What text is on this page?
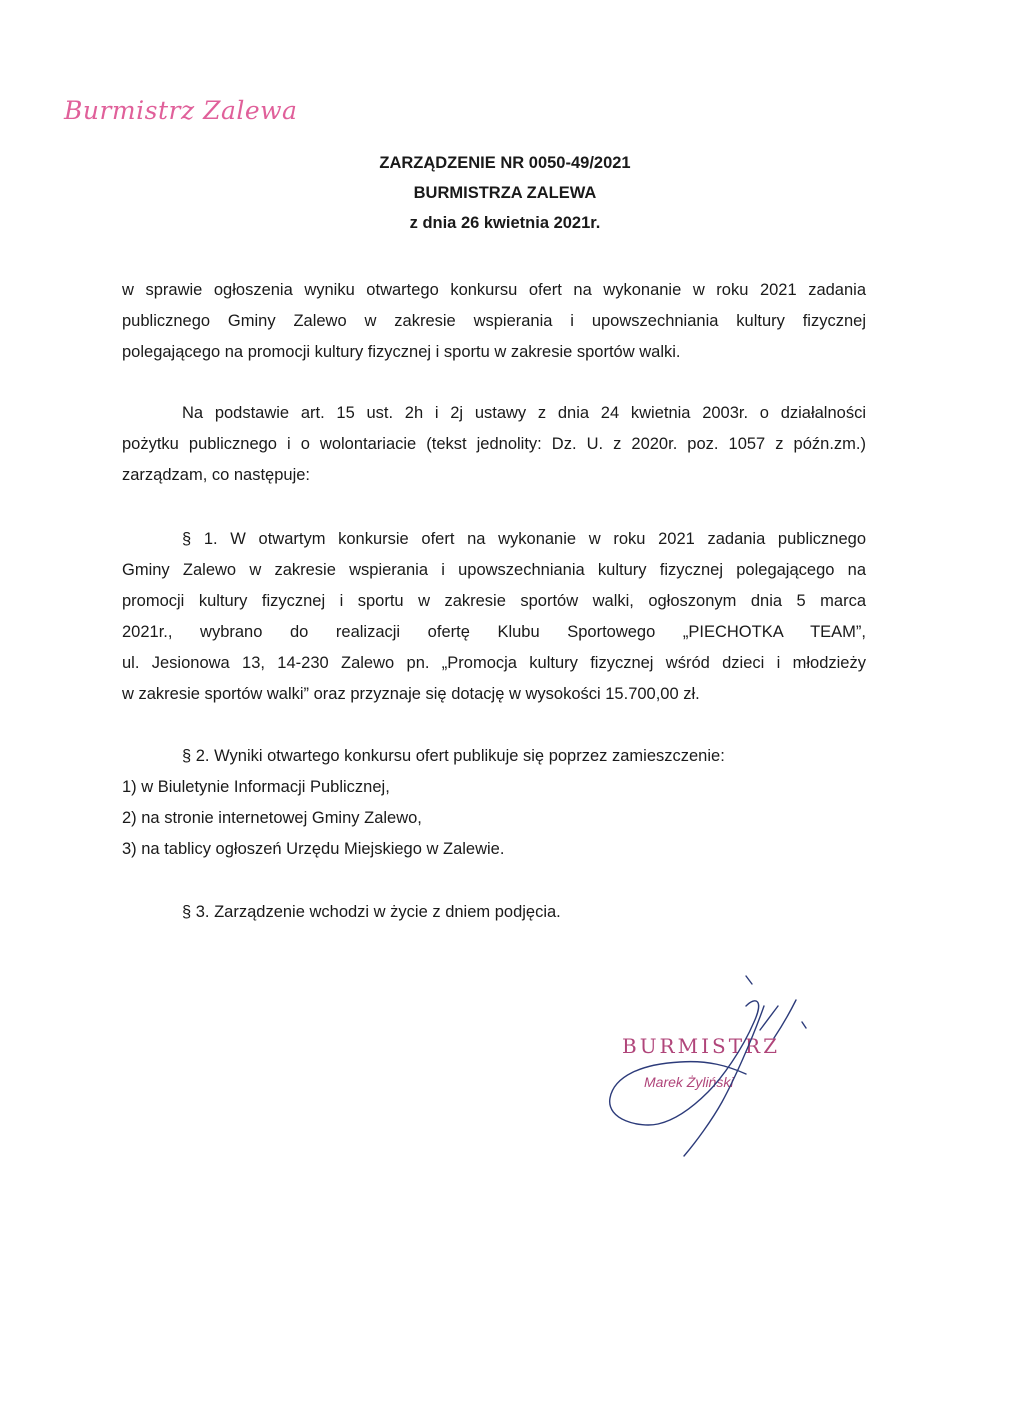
Burmistrz Zalewa
ZARZĄDZENIE NR 0050-49/2021
BURMISTRZA ZALEWA
z dnia 26 kwietnia 2021r.
w sprawie ogłoszenia wyniku otwartego konkursu ofert na wykonanie w roku 2021 zadania
publicznego Gminy Zalewo w zakresie wspierania i upowszechniania kultury fizycznej
polegającego na promocji kultury fizycznej i sportu w zakresie sportów walki.
Na podstawie art. 15 ust. 2h i 2j ustawy z dnia 24 kwietnia 2003r. o działalności
pożytku publicznego i o wolontariacie (tekst jednolity: Dz. U. z 2020r. poz. 1057 z późn.zm.)
zarządzam, co następuje:
§ 1. W otwartym konkursie ofert na wykonanie w roku 2021 zadania publicznego
Gminy Zalewo w zakresie wspierania i upowszechniania kultury fizycznej polegającego na
promocji kultury fizycznej i sportu w zakresie sportów walki, ogłoszonym dnia 5 marca
2021r., wybrano do realizacji ofertę Klubu Sportowego „PIECHOTKA TEAM”,
ul. Jesionowa 13, 14-230 Zalewo pn. „Promocja kultury fizycznej wśród dzieci i młodzieży
w zakresie sportów walki” oraz przyznaje się dotację w wysokości 15.700,00 zł.
§ 2. Wyniki otwartego konkursu ofert publikuje się poprzez zamieszczenie:
1) w Biuletynie Informacji Publicznej,
2) na stronie internetowej Gminy Zalewo,
3) na tablicy ogłoszeń Urzędu Miejskiego w Zalewie.
§ 3. Zarządzenie wchodzi w życie z dniem podjęcia.
BURMISTRZ
Marek Żyliński
